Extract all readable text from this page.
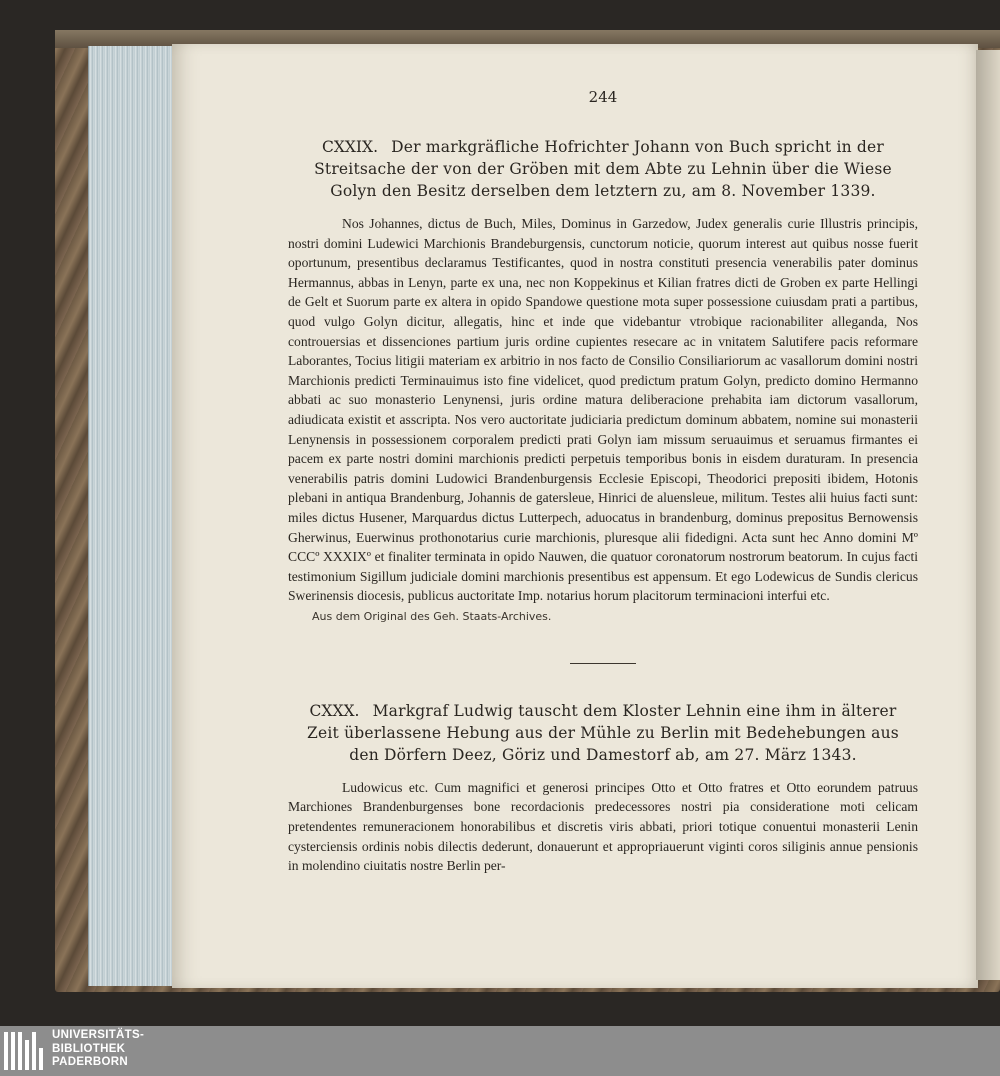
244
CXXIX. Der markgräfliche Hofrichter Johann von Buch spricht in der Streitsache der von der Gröben mit dem Abte zu Lehnin über die Wiese Golyn den Besitz derselben dem letztern zu, am 8. November 1339.

Nos Johannes, dictus de Buch, Miles, Dominus in Garzedow, Judex generalis curie Illustris principis, nostri domini Ludewici Marchionis Brandeburgensis, cunctorum noticie, quorum interest aut quibus nosse fuerit oportunum, presentibus declaramus Testificantes, quod in nostra constituti presencia venerabilis pater dominus Hermannus, abbas in Lenyn, parte ex una, nec non Koppekinus et Kilian fratres dicti de Groben ex parte Hellingi de Gelt et Suorum parte ex altera in opido Spandowe questione mota super possessione cuiusdam prati a partibus, quod vulgo Golyn dicitur, allegatis, hinc et inde que videbantur vtrobique racionabiliter alleganda, Nos controuersias et dissenciones partium juris ordine cupientes resecare ac in vnitatem Salutifere pacis reformare Laborantes, Tocius litigii materiam ex arbitrio in nos facto de Consilio Consiliariorum ac vasallorum domini nostri Marchionis predicti Terminauimus isto fine videlicet, quod predictum pratum Golyn, predicto domino Hermanno abbati ac suo monasterio Lenynensi, juris ordine matura deliberacione prehabita iam dictorum vasallorum, adiudicata existit et asscripta. Nos vero auctoritate judiciaria predictum dominum abbatem, nomine sui monasterii Lenynensis in possessionem corporalem predicti prati Golyn iam missum seruauimus et seruamus firmantes ei pacem ex parte nostri domini marchionis predicti perpetuis temporibus bonis in eisdem duraturam. In presencia venerabilis patris domini Ludowici Brandenburgensis Ecclesie Episcopi, Theodorici prepositi ibidem, Hotonis plebani in antiqua Brandenburg, Johannis de gatersleue, Hinrici de aluensleue, militum. Testes alii huius facti sunt: miles dictus Husener, Marquardus dictus Lutterpech, aduocatus in brandenburg, dominus prepositus Bernowensis Gherwinus, Euerwinus prothonotarius curie marchionis, pluresque alii fidedigni. Acta sunt hec Anno domini Mº CCCº XXXIXº et finaliter terminata in opido Nauwen, die quatuor coronatorum nostrorum beatorum. In cujus facti testimonium Sigillum judiciale domini marchionis presentibus est appensum. Et ego Lodewicus de Sundis clericus Swerinensis diocesis, publicus auctoritate Imp. notarius horum placitorum terminacioni interfui etc.

Aus dem Original des Geh. Staats-Archives.
CXXX. Markgraf Ludwig tauscht dem Kloster Lehnin eine ihm in älterer Zeit überlassene Hebung aus der Mühle zu Berlin mit Bedehebungen aus den Dörfern Deez, Göriz und Damestorf ab, am 27. März 1343.

Ludowicus etc. Cum magnifici et generosi principes Otto et Otto fratres et Otto eorundem patruus Marchiones Brandenburgenses bone recordacionis predecessores nostri pia consideratione moti celicam pretendentes remuneracionem honorabilibus et discretis viris abbati, priori totique conuentui monasterii Lenin cysterciensis ordinis nobis dilectis dederunt, donauerunt et appropriauerunt viginti coros siliginis annue pensionis in molendino ciuitatis nostre Berlin per-

UNIVERSITÄTS-
BIBLIOTHEK
PADERBORN
